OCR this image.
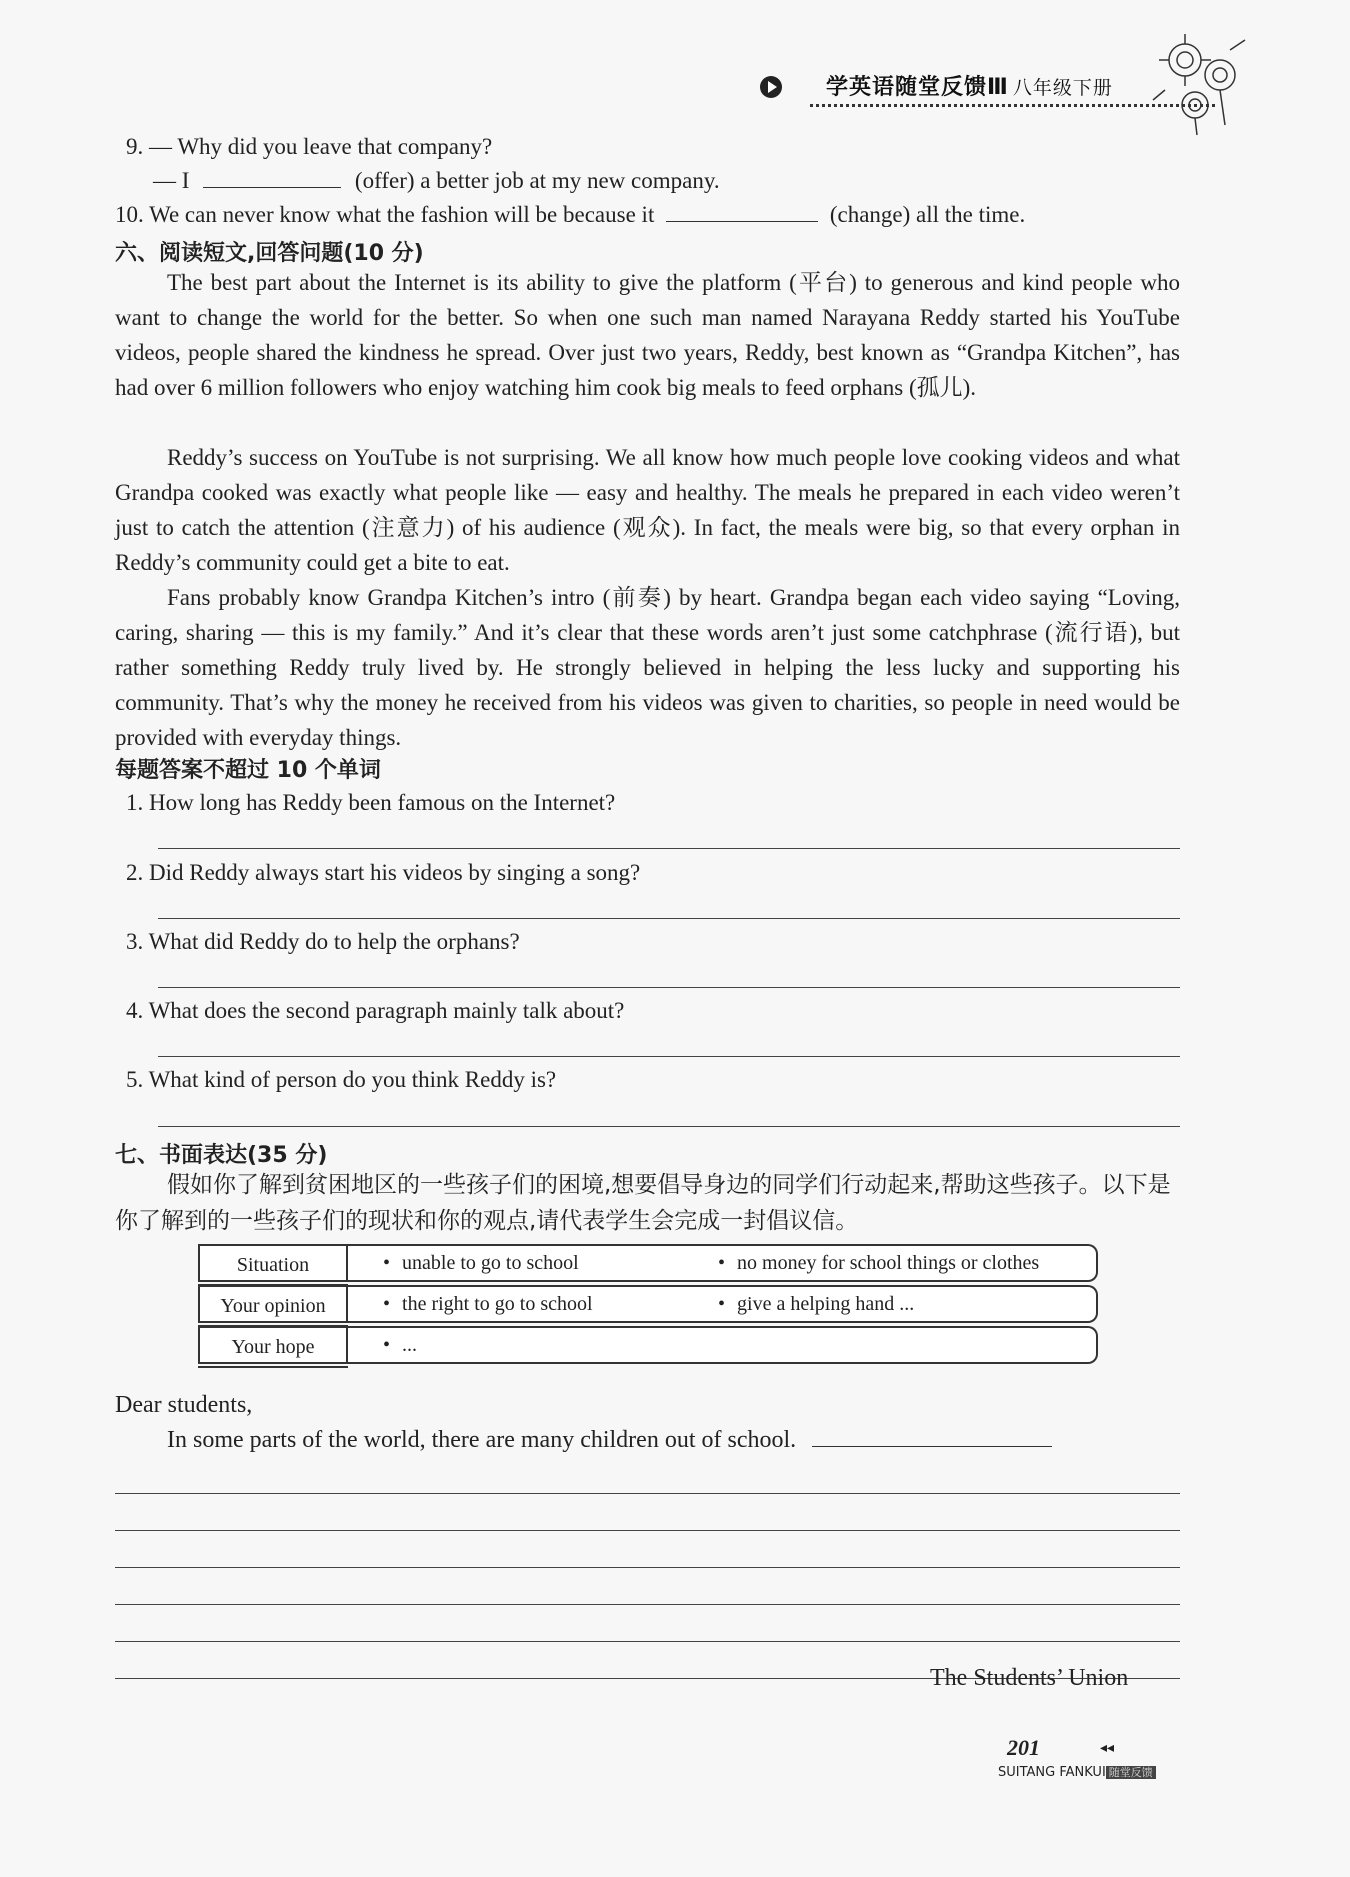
学英语随堂反馈Ⅲ 八年级下册
9. — Why did you leave that company?
— I	(offer) a better job at my new company.
10. We can never know what the fashion will be because it	(change) all the time.
六、阅读短文,回答问题(10 分)
The best part about the Internet is its ability to give the platform (平台) to generous and kind people who want to change the world for the better. So when one such man named Narayana Reddy started his YouTube videos, people shared the kindness he spread. Over just two years, Reddy, best known as “Grandpa Kitchen”, has had over 6 million followers who enjoy watching him cook big meals to feed orphans (孤儿).
Reddy’s success on YouTube is not surprising. We all know how much people love cooking videos and what Grandpa cooked was exactly what people like — easy and healthy. The meals he prepared in each video weren’t just to catch the attention (注意力) of his audience (观众). In fact, the meals were big, so that every orphan in Reddy’s community could get a bite to eat.
Fans probably know Grandpa Kitchen’s intro (前奏) by heart. Grandpa began each video saying “Loving, caring, sharing — this is my family.” And it’s clear that these words aren’t just some catchphrase (流行语), but rather something Reddy truly lived by. He strongly believed in helping the less lucky and supporting his community. That’s why the money he received from his videos was given to charities, so people in need would be provided with everyday things.
每题答案不超过 10 个单词
1. How long has Reddy been famous on the Internet?
2. Did Reddy always start his videos by singing a song?
3. What did Reddy do to help the orphans?
4. What does the second paragraph mainly talk about?
5. What kind of person do you think Reddy is?
七、书面表达(35 分)
假如你了解到贫困地区的一些孩子们的困境,想要倡导身边的同学们行动起来,帮助这些孩子。以下是你了解到的一些孩子们的现状和你的观点,请代表学生会完成一封倡议信。
Situation	• unable to go to school	• no money for school things or clothes
Your opinion	• the right to go to school	• give a helping hand ...
Your hope	• ...
Dear students,
In some parts of the world, there are many children out of school.
The Students’ Union
201	◂◂
SUITANG FANKUI 随堂反馈
